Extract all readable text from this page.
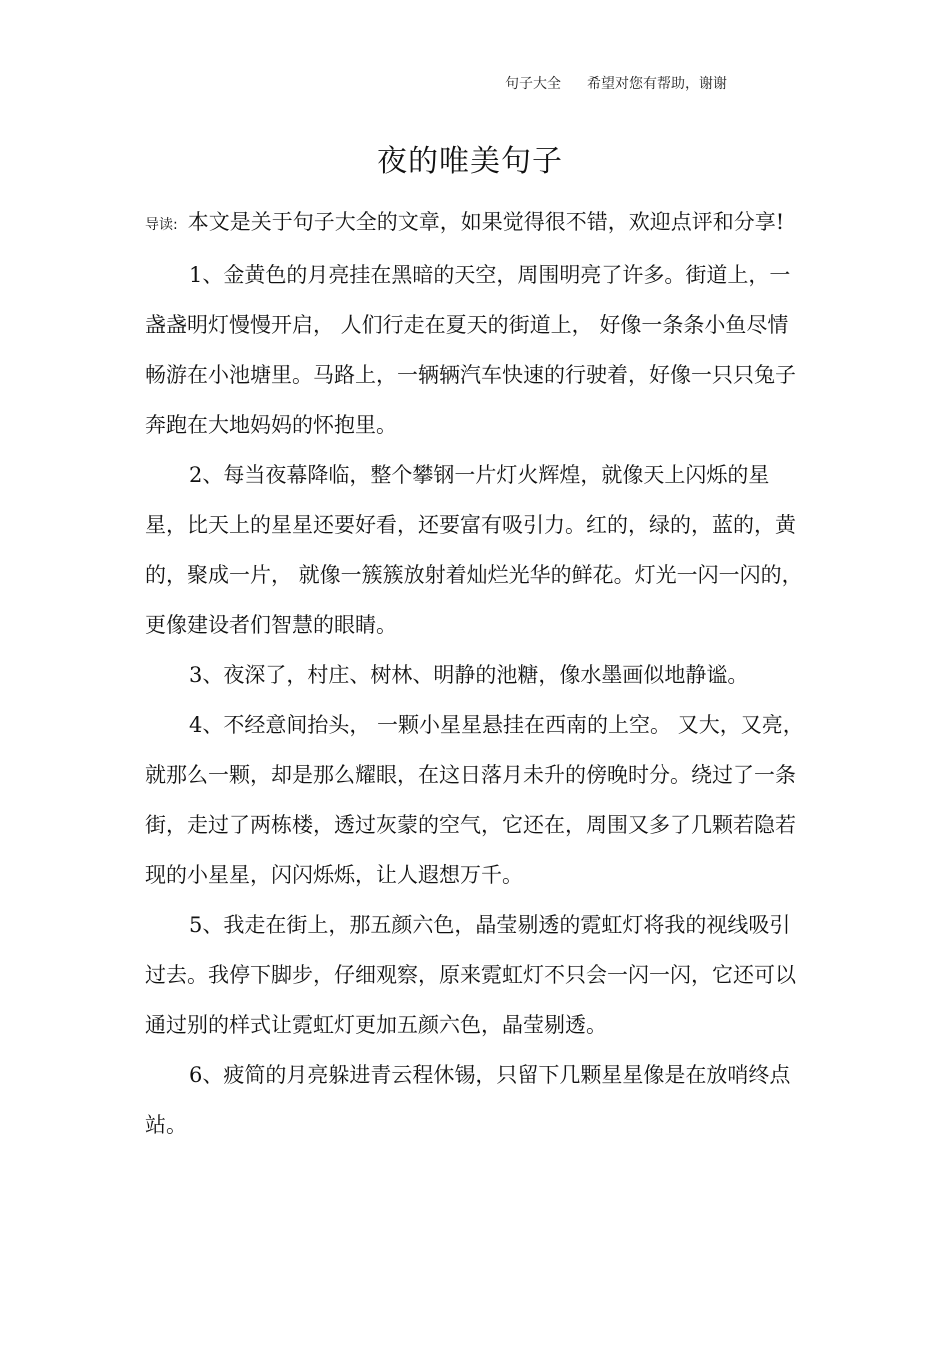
句子大全 希望对您有帮助，谢谢
夜的唯美句子

导读: 本文是关于句子大全的文章，如果觉得很不错，欢迎点评和分享!

1、金黄色的月亮挂在黑暗的天空，周围明亮了许多。街道上，一盏盏明灯慢慢开启， 人们行走在夏天的街道上， 好像一条条小鱼尽情畅游在小池塘里。马路上，一辆辆汽车快速的行驶着，好像一只只兔子奔跑在大地妈妈的怀抱里。

2、每当夜幕降临，整个攀钢一片灯火辉煌，就像天上闪烁的星星，比天上的星星还要好看，还要富有吸引力。红的，绿的，蓝的，黄的，聚成一片， 就像一簇簇放射着灿烂光华的鲜花。灯光一闪一闪的，更像建设者们智慧的眼睛。

3、夜深了，村庄、树林、明静的池糖，像水墨画似地静谧。

4、不经意间抬头， 一颗小星星悬挂在西南的上空。 又大，又亮，就那么一颗，却是那么耀眼，在这日落月未升的傍晚时分。绕过了一条街，走过了两栋楼，透过灰蒙的空气，它还在，周围又多了几颗若隐若现的小星星，闪闪烁烁，让人遐想万千。

5、我走在街上，那五颜六色，晶莹剔透的霓虹灯将我的视线吸引过去。我停下脚步，仔细观察，原来霓虹灯不只会一闪一闪，它还可以通过别的样式让霓虹灯更加五颜六色，晶莹剔透。

6、疲简的月亮躲进青云程休锡，只留下几颗星星像是在放哨终点站。
